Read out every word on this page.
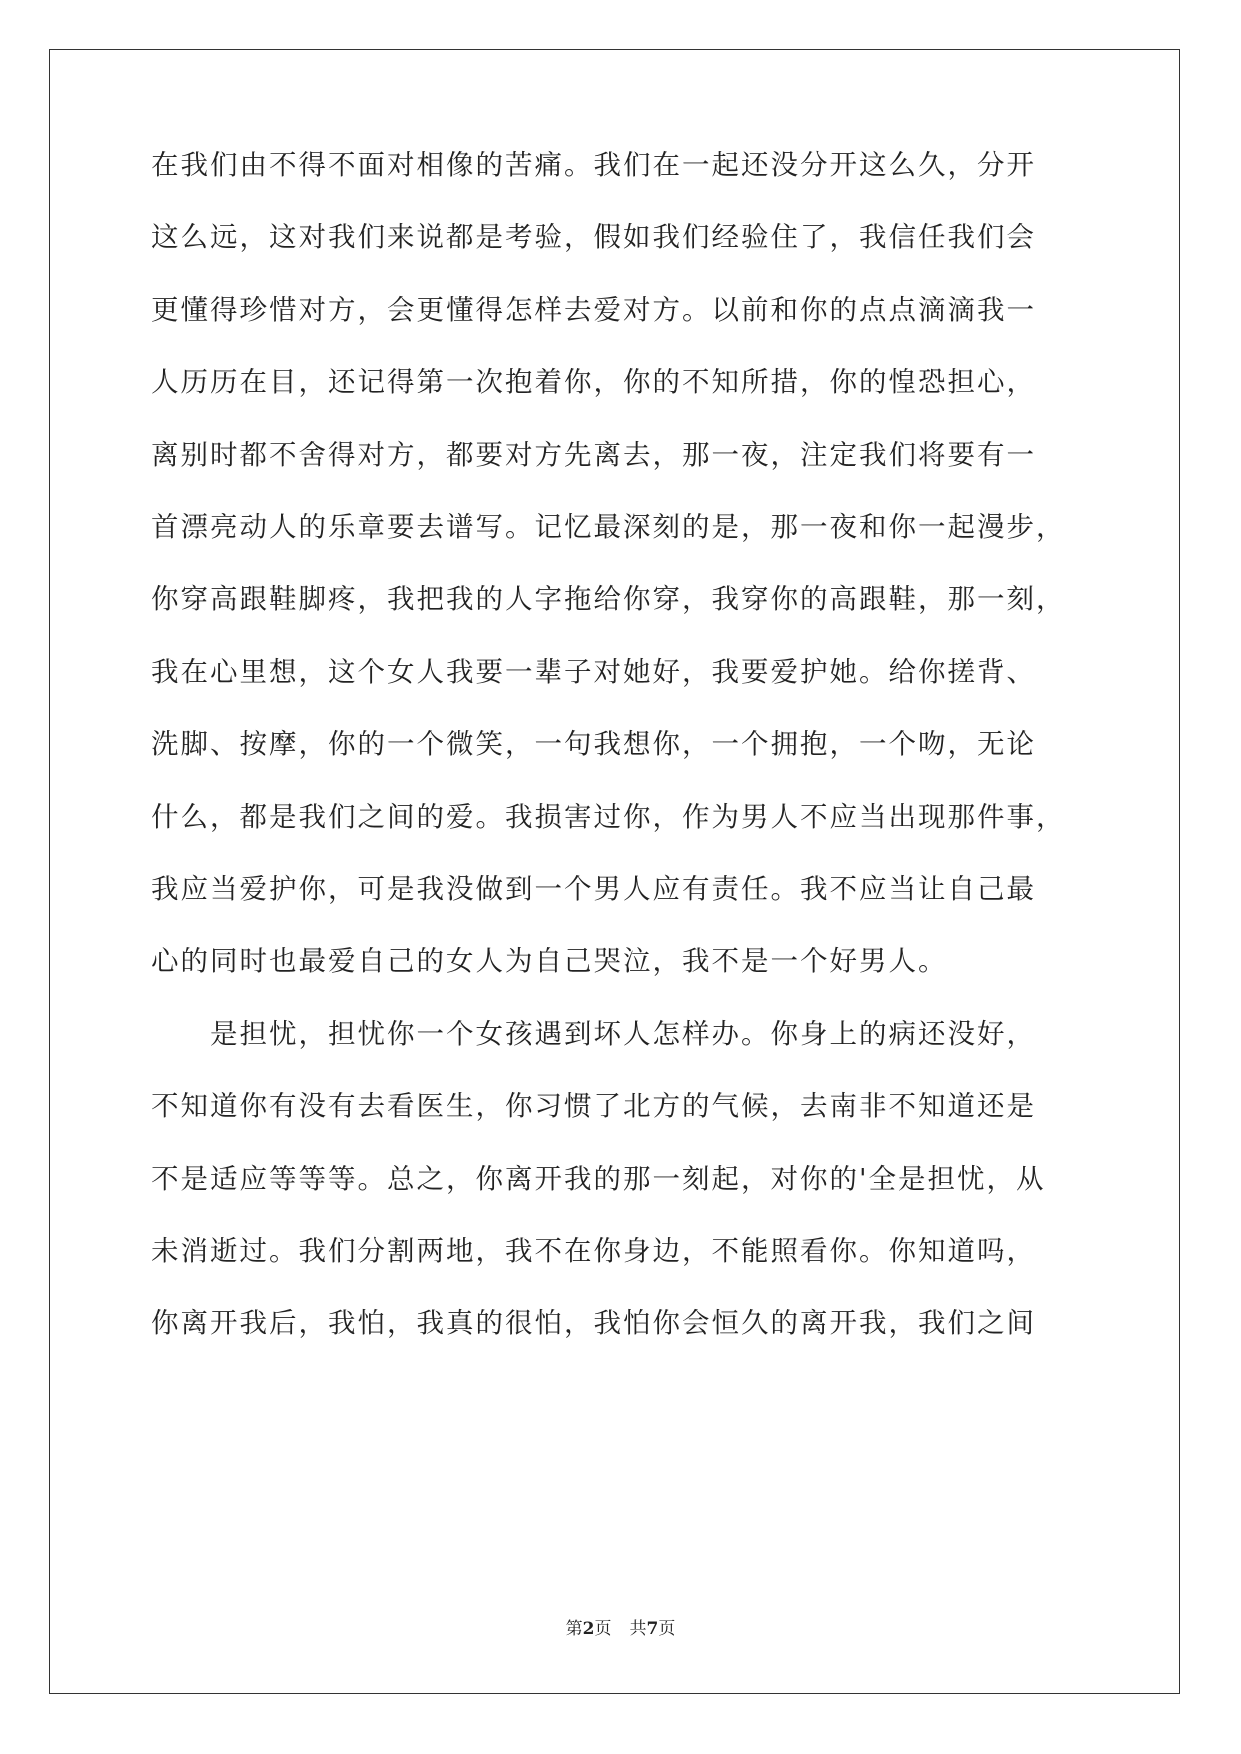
在我们由不得不面对相像的苦痛。我们在一起还没分开这么久，分开

这么远，这对我们来说都是考验，假如我们经验住了，我信任我们会

更懂得珍惜对方，会更懂得怎样去爱对方。以前和你的点点滴滴我一

人历历在目，还记得第一次抱着你，你的不知所措，你的惶恐担心，

离别时都不舍得对方，都要对方先离去，那一夜，注定我们将要有一

首漂亮动人的乐章要去谱写。记忆最深刻的是，那一夜和你一起漫步，

你穿高跟鞋脚疼，我把我的人字拖给你穿，我穿你的高跟鞋，那一刻，

我在心里想，这个女人我要一辈子对她好，我要爱护她。给你搓背、

洗脚、按摩，你的一个微笑，一句我想你，一个拥抱，一个吻，无论

什么，都是我们之间的爱。我损害过你，作为男人不应当出现那件事，

我应当爱护你，可是我没做到一个男人应有责任。我不应当让自己最

心的同时也最爱自己的女人为自己哭泣，我不是一个好男人。

　　是担忧，担忧你一个女孩遇到坏人怎样办。你身上的病还没好，

不知道你有没有去看医生，你习惯了北方的气候，去南非不知道还是

不是适应等等等。总之，你离开我的那一刻起，对你的'全是担忧，从

未消逝过。我们分割两地，我不在你身边，不能照看你。你知道吗，

你离开我后，我怕，我真的很怕，我怕你会恒久的离开我，我们之间

第2页 共7页
